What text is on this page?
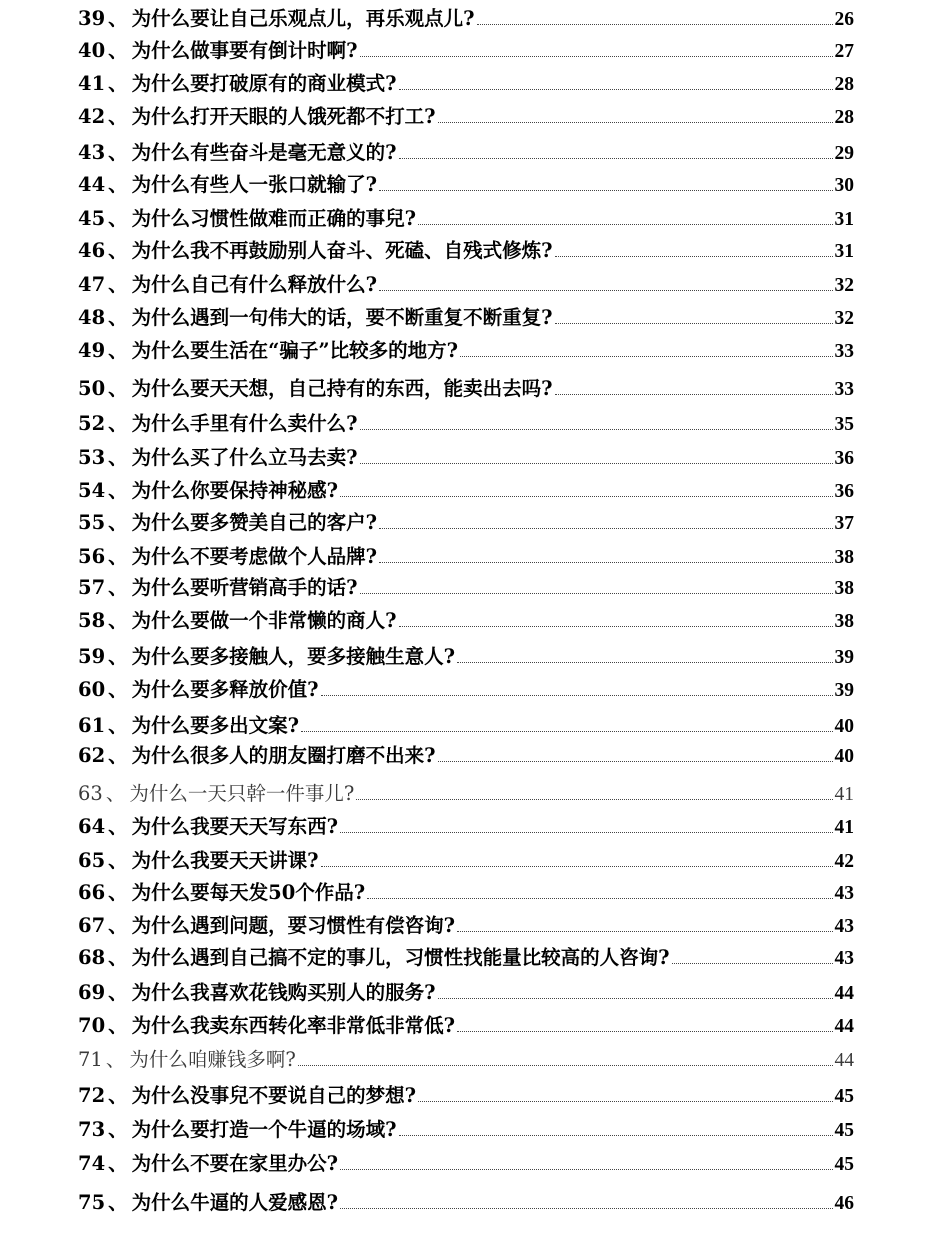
39 、 为什么要让自己乐观点儿，再乐观点儿?	26
40 、 为什么做事要有倒计时啊?	27
41 、 为什么要打破原有的商业模式?	28
42 、 为什么打开天眼的人饿死都不打工?	28
43 、 为什么有些奋斗是毫无意义的?	29
44 、 为什么有些人一张口就输了?	30
45 、 为什么习惯性做难而正确的事兒?	31
46 、 为什么我不再鼓励别人奋斗、死磕、自残式修炼?	31
47 、 为什么自己有什么释放什么?	32
48 、 为什么遇到一句伟大的话，要不断重复不断重复?	32
49 、 为什么要生活在“骗子”比较多的地方?	33
50 、 为什么要天天想，自己持有的东西，能卖出去吗?	33
52 、 为什么手里有什么卖什么?	35
53 、 为什么买了什么立马去卖?	36
54 、 为什么你要保持神秘感?	36
55 、 为什么要多赞美自己的客户?	37
56 、 为什么不要考虑做个人品牌?	38
57 、 为什么要听营销高手的话?	38
58 、 为什么要做一个非常懒的商人?	38
59 、 为什么要多接触人，要多接触生意人?	39
60 、 为什么要多释放价值?	39
61 、 为什么要多出文案?	40
62 、 为什么很多人的朋友圈打磨不出来?	40
63 、 为什么一天只幹一件事儿?	41
64 、 为什么我要天天写东西?	41
65 、 为什么我要天天讲课?	42
66 、 为什么要每天发50个作品?	43
67 、 为什么遇到问题，要习惯性有偿咨询?	43
68 、 为什么遇到自己搞不定的事儿，习惯性找能量比较高的人咨询?	43
69 、 为什么我喜欢花钱购买别人的服务?	44
70 、 为什么我卖东西转化率非常低非常低?	44
71 、 为什么咱赚钱多啊?	44
72 、 为什么没事兒不要说自己的梦想?	45
73 、 为什么要打造一个牛逼的场域?	45
74 、 为什么不要在家里办公?	45
75 、 为什么牛逼的人爱感恩?	46
